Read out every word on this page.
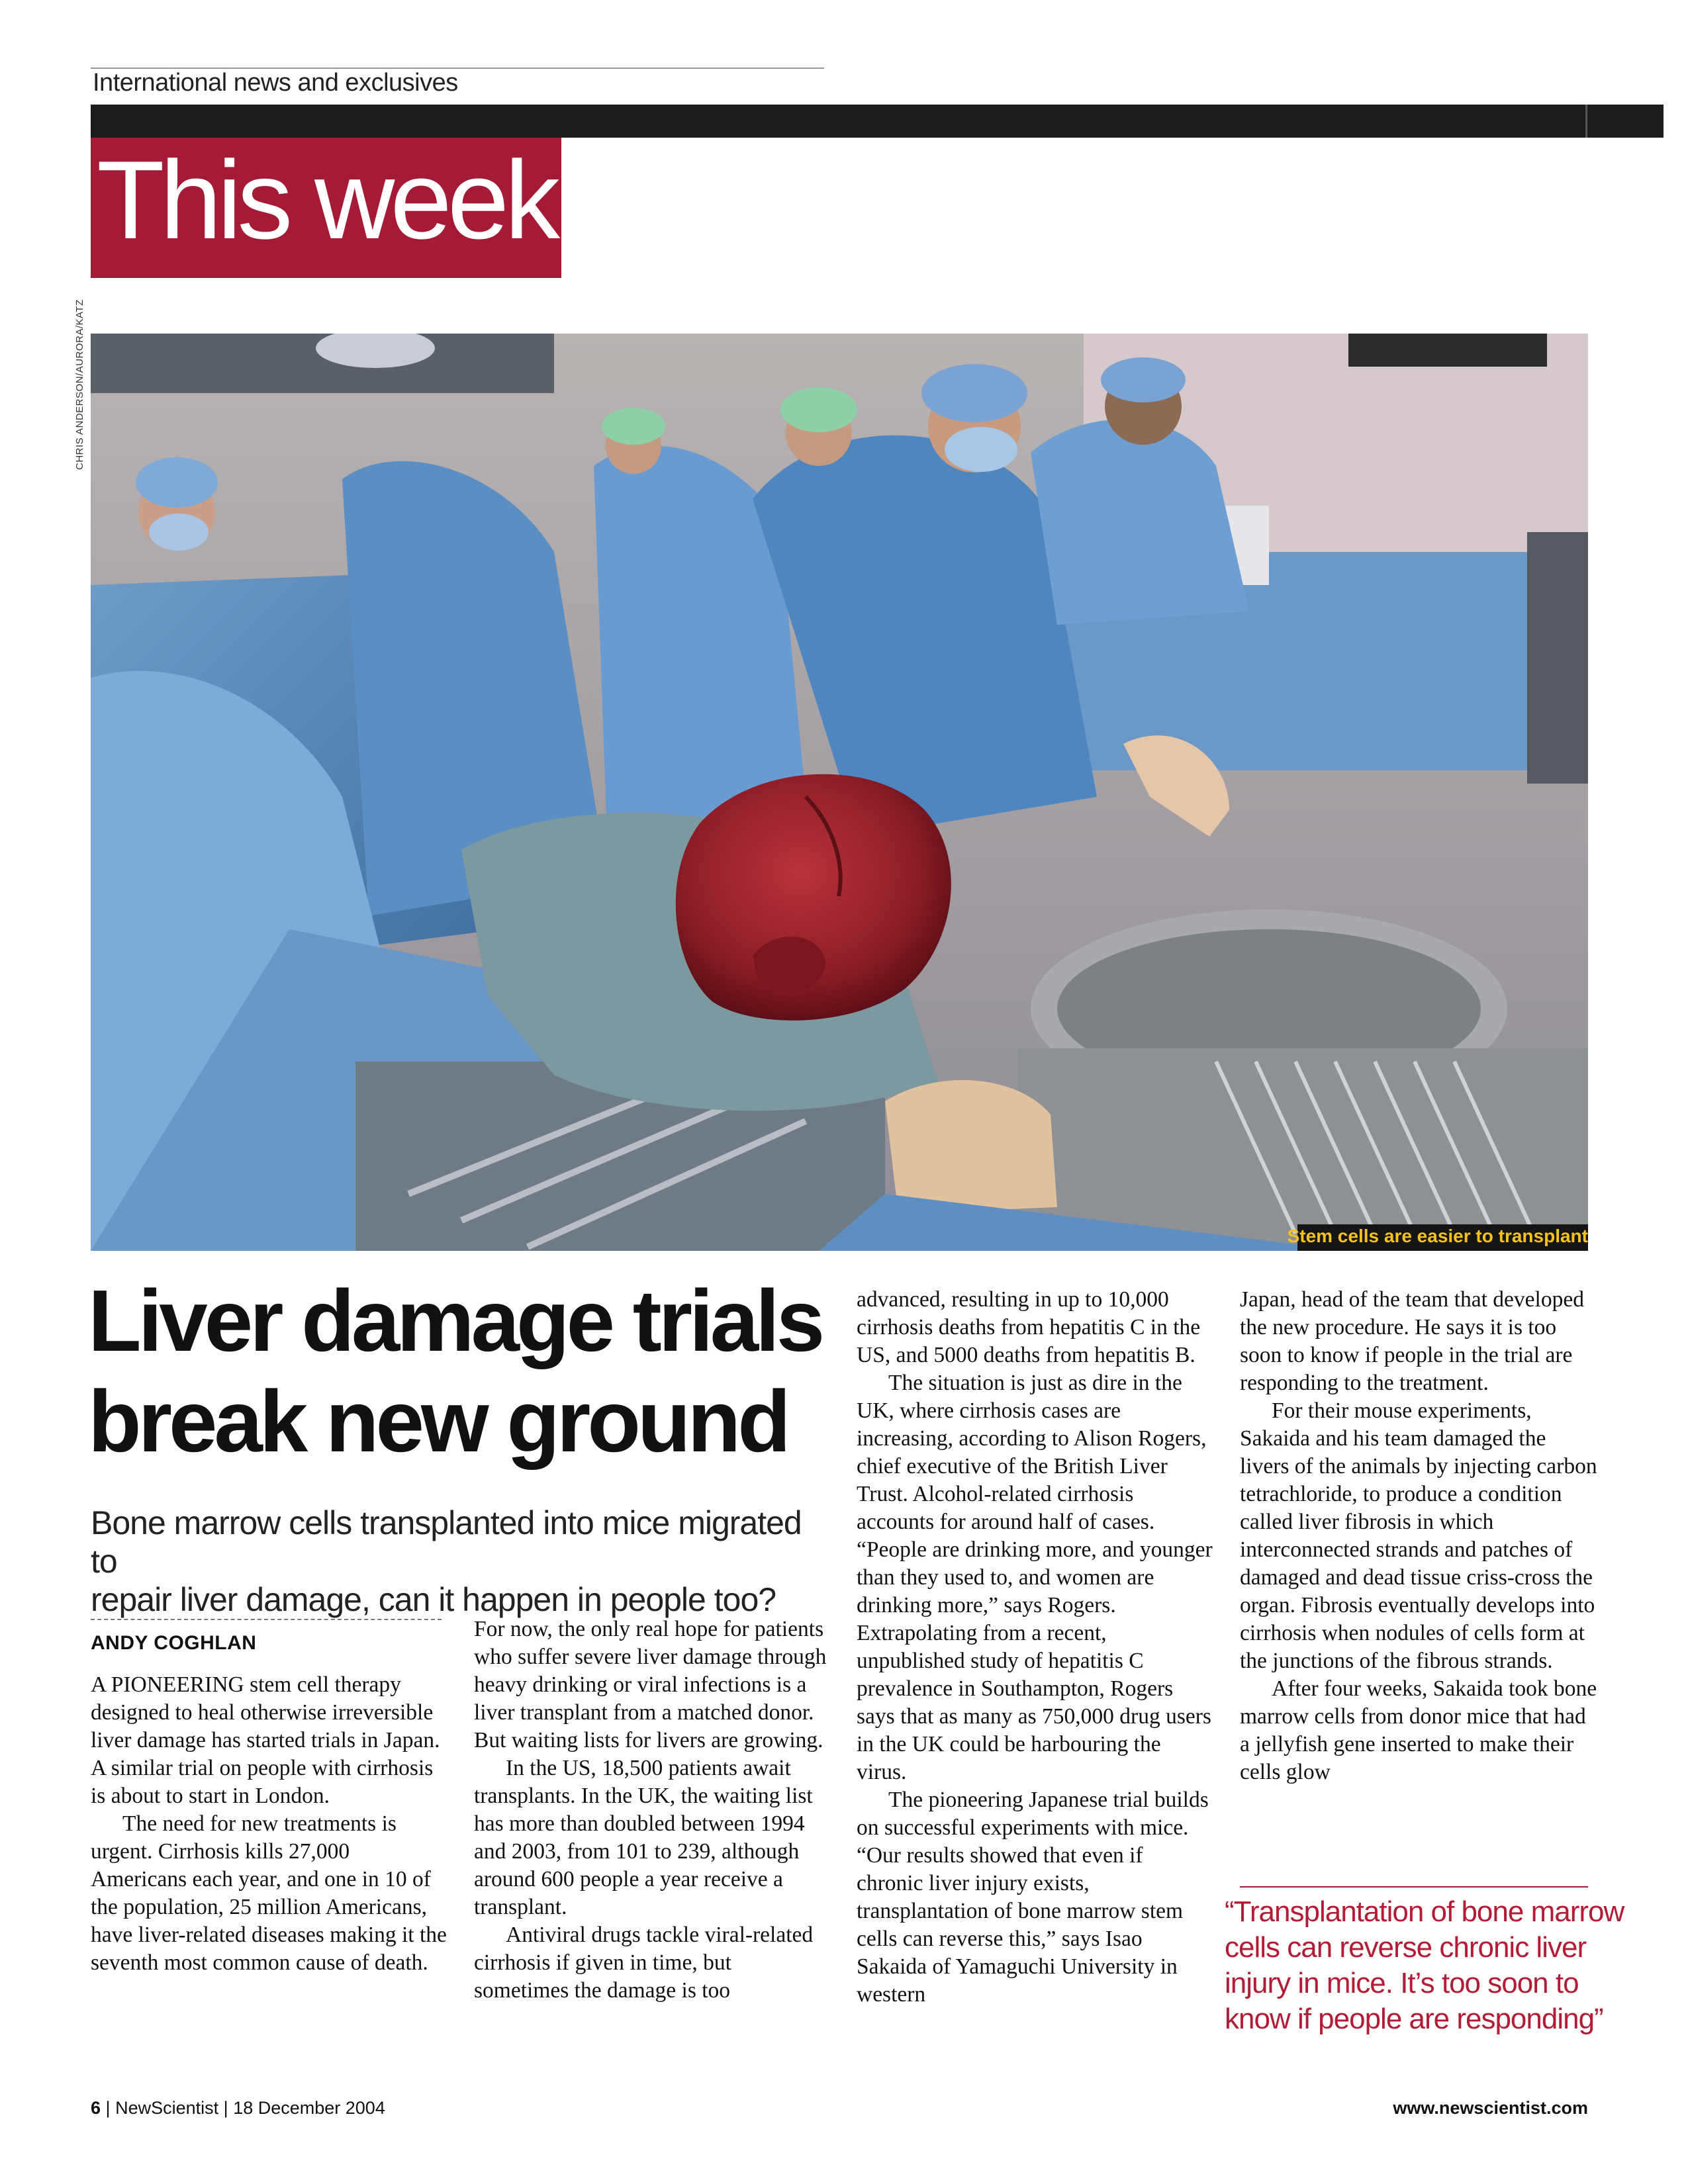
International news and exclusives
This week
CHRIS ANDERSON/AURORA/KATZ
Stem cells are easier to transplant
Liver damage trials
break new ground
Bone marrow cells transplanted into mice migrated to
repair liver damage, can it happen in people too?
ANDY COGHLAN

A PIONEERING stem cell therapy designed to heal otherwise irreversible liver damage has started trials in Japan. A similar trial on people with cirrhosis is about to start in London.

The need for new treatments is urgent. Cirrhosis kills 27,000 Americans each year, and one in 10 of the population, 25 million Americans, have liver-related diseases making it the seventh most common cause of death.

For now, the only real hope for patients who suffer severe liver damage through heavy drinking or viral infections is a liver transplant from a matched donor. But waiting lists for livers are growing.

In the US, 18,500 patients await transplants. In the UK, the waiting list has more than doubled between 1994 and 2003, from 101 to 239, although around 600 people a year receive a transplant.

Antiviral drugs tackle viral-related cirrhosis if given in time, but sometimes the damage is too

advanced, resulting in up to 10,000 cirrhosis deaths from hepatitis C in the US, and 5000 deaths from hepatitis B.

The situation is just as dire in the UK, where cirrhosis cases are increasing, according to Alison Rogers, chief executive of the British Liver Trust. Alcohol-related cirrhosis accounts for around half of cases. “People are drinking more, and younger than they used to, and women are drinking more,” says Rogers. Extrapolating from a recent, unpublished study of hepatitis C prevalence in Southampton, Rogers says that as many as 750,000 drug users in the UK could be harbouring the virus.

The pioneering Japanese trial builds on successful experiments with mice. “Our results showed that even if chronic liver injury exists, transplantation of bone marrow stem cells can reverse this,” says Isao Sakaida of Yamaguchi University in western

Japan, head of the team that developed the new procedure. He says it is too soon to know if people in the trial are responding to the treatment.

For their mouse experiments, Sakaida and his team damaged the livers of the animals by injecting carbon tetrachloride, to produce a condition called liver fibrosis in which interconnected strands and patches of damaged and dead tissue criss-cross the organ. Fibrosis eventually develops into cirrhosis when nodules of cells form at the junctions of the fibrous strands.

After four weeks, Sakaida took bone marrow cells from donor mice that had a jellyfish gene inserted to make their cells glow

“Transplantation of bone marrow
cells can reverse chronic liver
injury in mice. It’s too soon to
know if people are responding”
6 | NewScientist | 18 December 2004	www.newscientist.com
